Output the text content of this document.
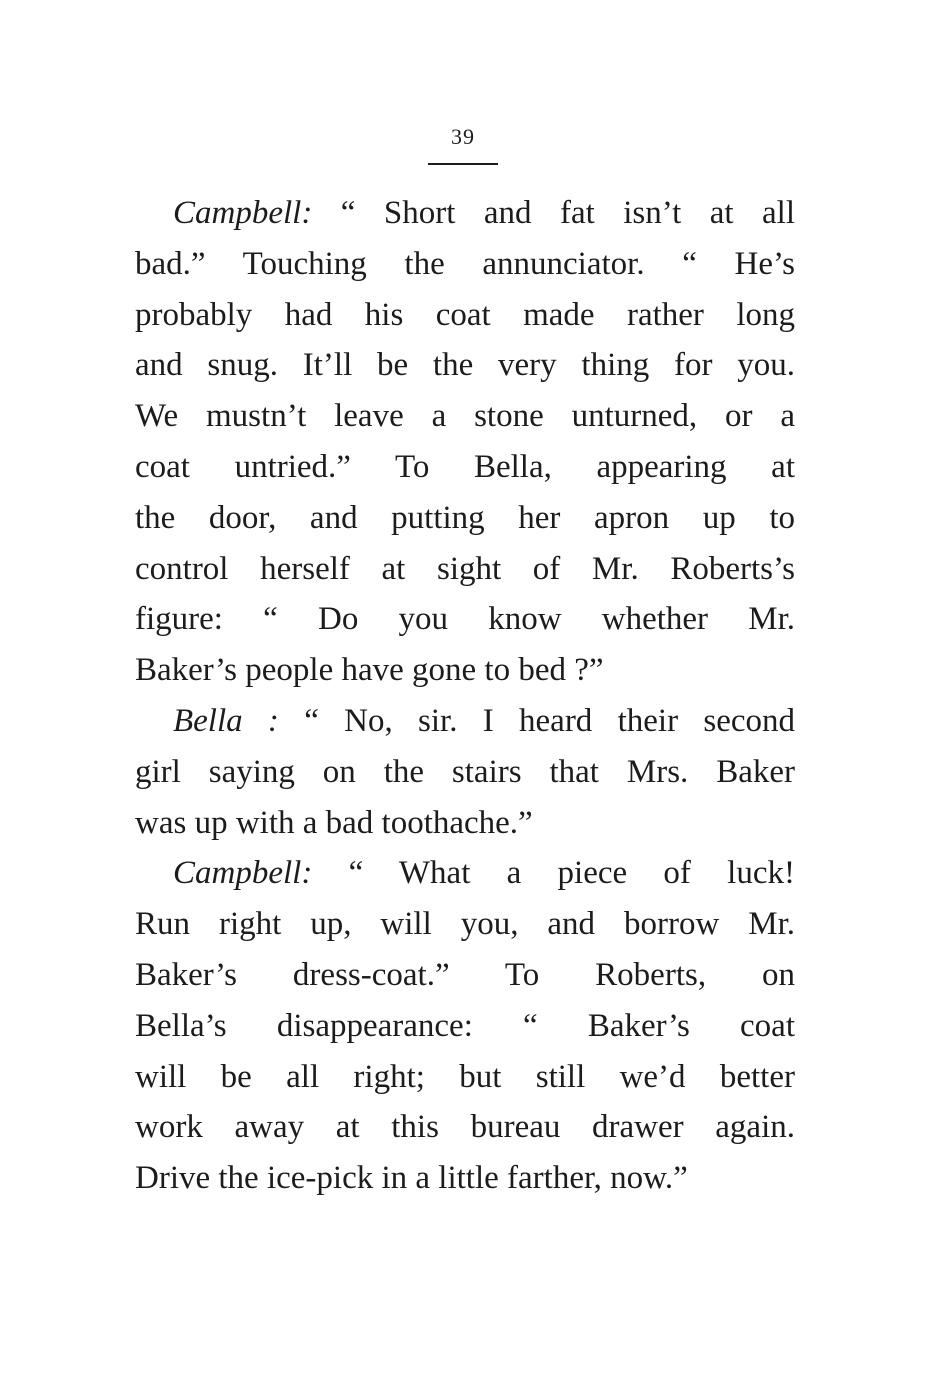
39
Campbell: “ Short and fat isn’t at all
bad.” Touching the annunciator. “ He’s
probably had his coat made rather long
and snug. It’ll be the very thing for you.
We mustn’t leave a stone unturned, or a
coat untried.” To Bella, appearing at
the door, and putting her apron up to
control herself at sight of Mr. Roberts’s
figure: “ Do you know whether Mr.
Baker’s people have gone to bed ?”
Bella : “ No, sir. I heard their second
girl saying on the stairs that Mrs. Baker
was up with a bad toothache.”
Campbell: “ What a piece of luck!
Run right up, will you, and borrow Mr.
Baker’s dress-coat.” To Roberts, on
Bella’s disappearance: “ Baker’s coat
will be all right; but still we’d better
work away at this bureau drawer again.
Drive the ice-pick in a little farther, now.”
